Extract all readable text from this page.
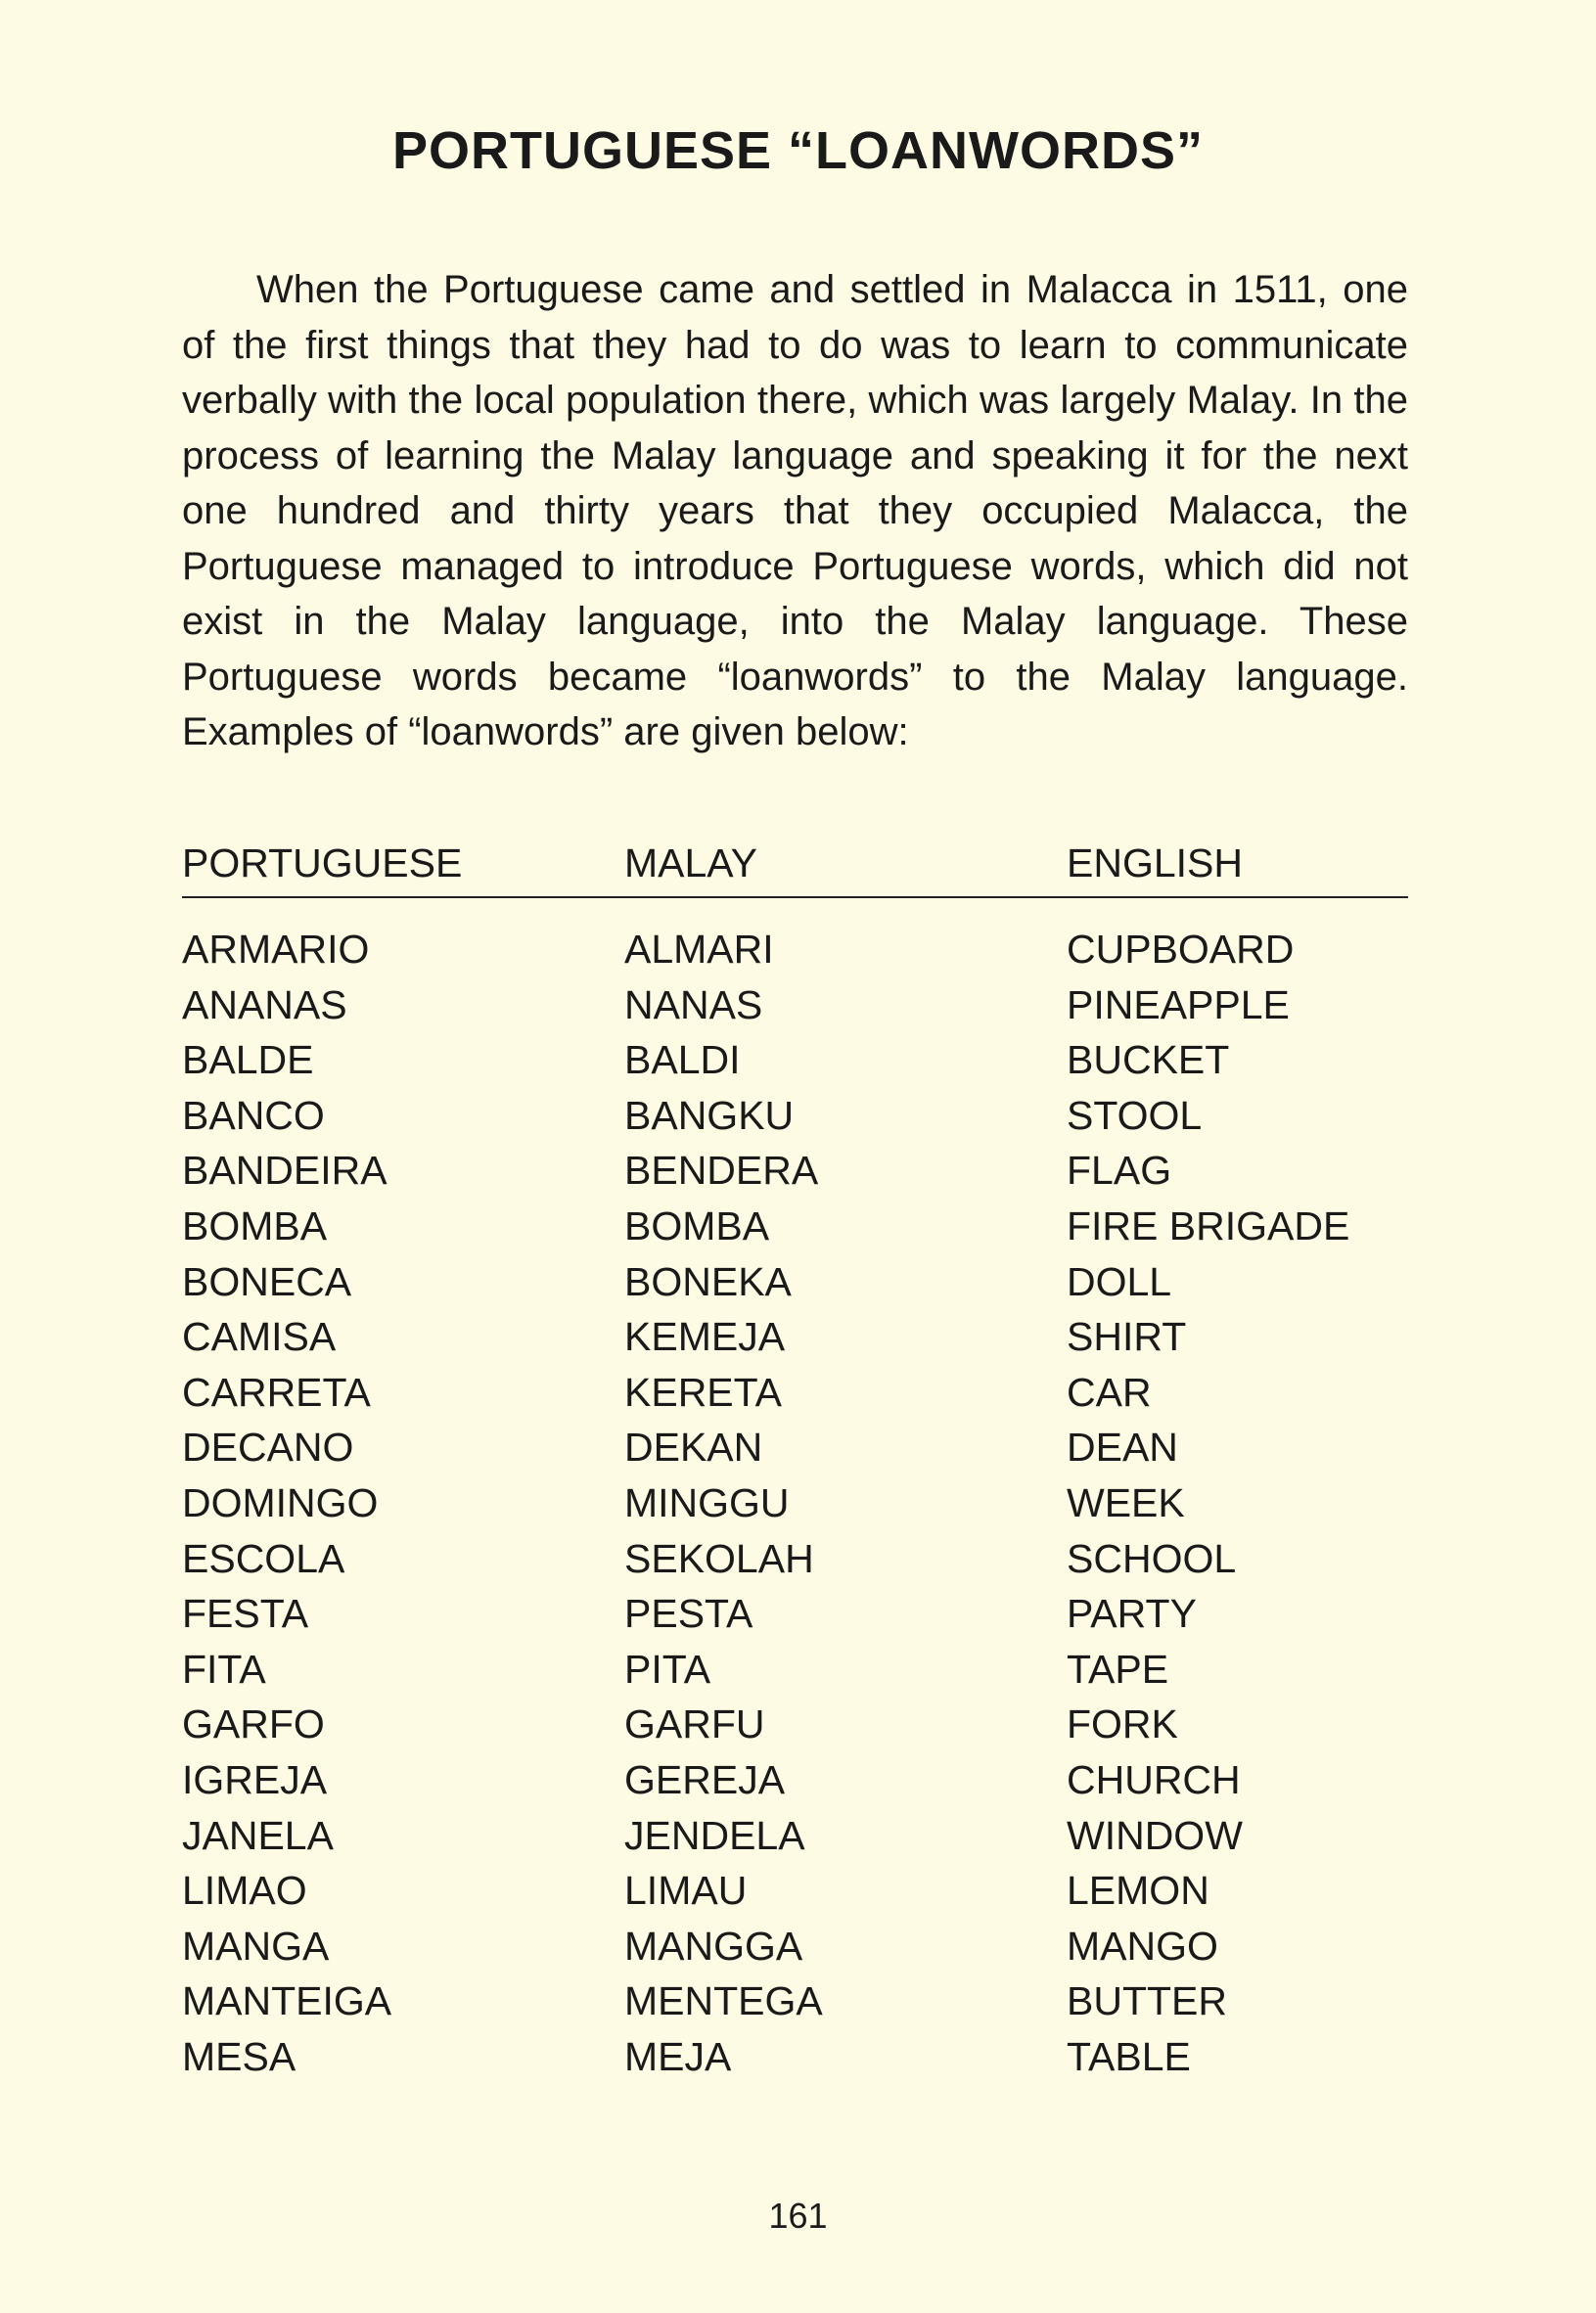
PORTUGUESE “LOANWORDS”

When the Portuguese came and settled in Malacca in 1511, one of the first things that they had to do was to learn to communicate verbally with the local population there, which was largely Malay. In the process of learning the Malay language and speaking it for the next one hundred and thirty years that they occupied Malacca, the Portuguese managed to introduce Portuguese words, which did not exist in the Malay language, into the Malay language. These Portuguese words became “loanwords” to the Malay language. Examples of “loanwords” are given below:

PORTUGUESE	MALAY	ENGLISH
ARMARIO	ALMARI	CUPBOARD
ANANAS	NANAS	PINEAPPLE
BALDE	BALDI	BUCKET
BANCO	BANGKU	STOOL
BANDEIRA	BENDERA	FLAG
BOMBA	BOMBA	FIRE BRIGADE
BONECA	BONEKA	DOLL
CAMISA	KEMEJA	SHIRT
CARRETA	KERETA	CAR
DECANO	DEKAN	DEAN
DOMINGO	MINGGU	WEEK
ESCOLA	SEKOLAH	SCHOOL
FESTA	PESTA	PARTY
FITA	PITA	TAPE
GARFO	GARFU	FORK
IGREJA	GEREJA	CHURCH
JANELA	JENDELA	WINDOW
LIMAO	LIMAU	LEMON
MANGA	MANGGA	MANGO
MANTEIGA	MENTEGA	BUTTER
MESA	MEJA	TABLE
161
